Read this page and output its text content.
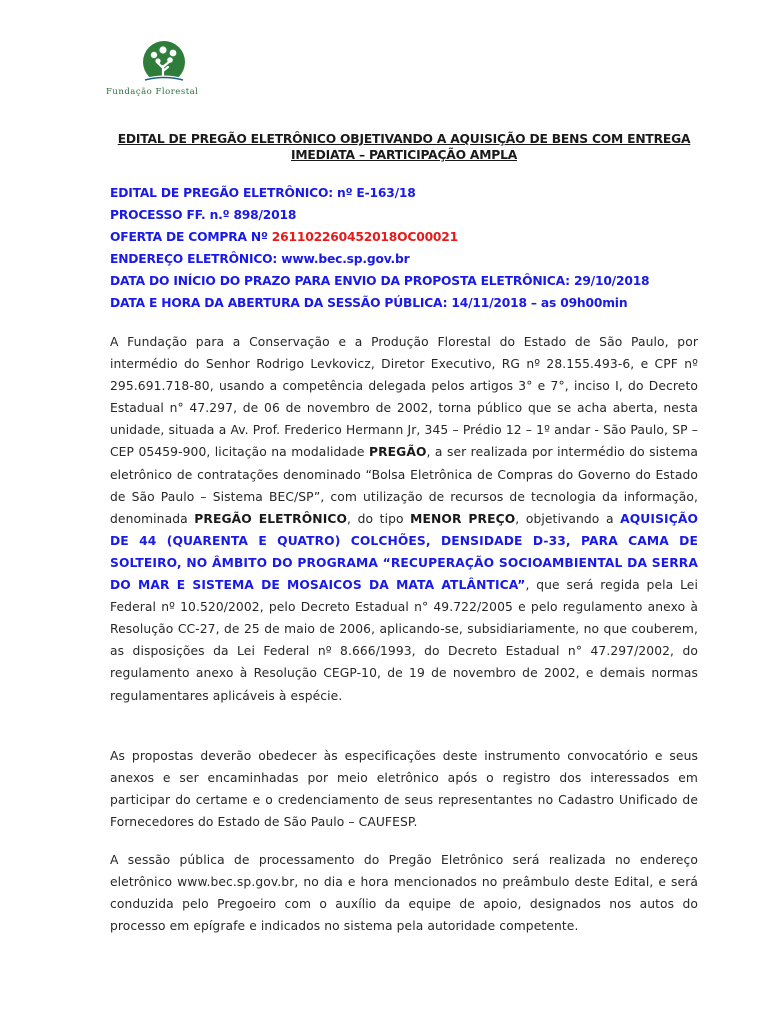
Fundação Florestal
EDITAL DE PREGÃO ELETRÔNICO OBJETIVANDO A AQUISIÇÃO DE BENS COM ENTREGA IMEDIATA – PARTICIPAÇÃO AMPLA
EDITAL DE PREGÃO ELETRÔNICO: nº E-163/18
PROCESSO FF. n.º 898/2018
OFERTA DE COMPRA Nº 261102260452018OC00021
ENDEREÇO ELETRÔNICO: www.bec.sp.gov.br
DATA DO INÍCIO DO PRAZO PARA ENVIO DA PROPOSTA ELETRÔNICA: 29/10/2018
DATA E HORA DA ABERTURA DA SESSÃO PÚBLICA: 14/11/2018 – as 09h00min

A Fundação para a Conservação e a Produção Florestal do Estado de São Paulo, por intermédio do Senhor Rodrigo Levkovicz, Diretor Executivo, RG nº 28.155.493-6, e CPF nº 295.691.718-80, usando a competência delegada pelos artigos 3° e 7°, inciso I, do Decreto Estadual n° 47.297, de 06 de novembro de 2002, torna público que se acha aberta, nesta unidade, situada a Av. Prof. Frederico Hermann Jr, 345 – Prédio 12 – 1º andar - São Paulo, SP – CEP 05459-900, licitação na modalidade PREGÃO, a ser realizada por intermédio do sistema eletrônico de contratações denominado “Bolsa Eletrônica de Compras do Governo do Estado de São Paulo – Sistema BEC/SP”, com utilização de recursos de tecnologia da informação, denominada PREGÃO ELETRÔNICO, do tipo MENOR PREÇO, objetivando a AQUISIÇÃO DE 44 (QUARENTA E QUATRO) COLCHÕES, DENSIDADE D-33, PARA CAMA DE SOLTEIRO, NO ÂMBITO DO PROGRAMA “RECUPERAÇÃO SOCIOAMBIENTAL DA SERRA DO MAR E SISTEMA DE MOSAICOS DA MATA ATLÂNTICA”, que será regida pela Lei Federal nº 10.520/2002, pelo Decreto Estadual n° 49.722/2005 e pelo regulamento anexo à Resolução CC-27, de 25 de maio de 2006, aplicando-se, subsidiariamente, no que couberem, as disposições da Lei Federal nº 8.666/1993, do Decreto Estadual n° 47.297/2002, do regulamento anexo à Resolução CEGP-10, de 19 de novembro de 2002, e demais normas regulamentares aplicáveis à espécie.

As propostas deverão obedecer às especificações deste instrumento convocatório e seus anexos e ser encaminhadas por meio eletrônico após o registro dos interessados em participar do certame e o credenciamento de seus representantes no Cadastro Unificado de Fornecedores do Estado de São Paulo – CAUFESP.

A sessão pública de processamento do Pregão Eletrônico será realizada no endereço eletrônico www.bec.sp.gov.br, no dia e hora mencionados no preâmbulo deste Edital, e será conduzida pelo Pregoeiro com o auxílio da equipe de apoio, designados nos autos do processo em epígrafe e indicados no sistema pela autoridade competente.
